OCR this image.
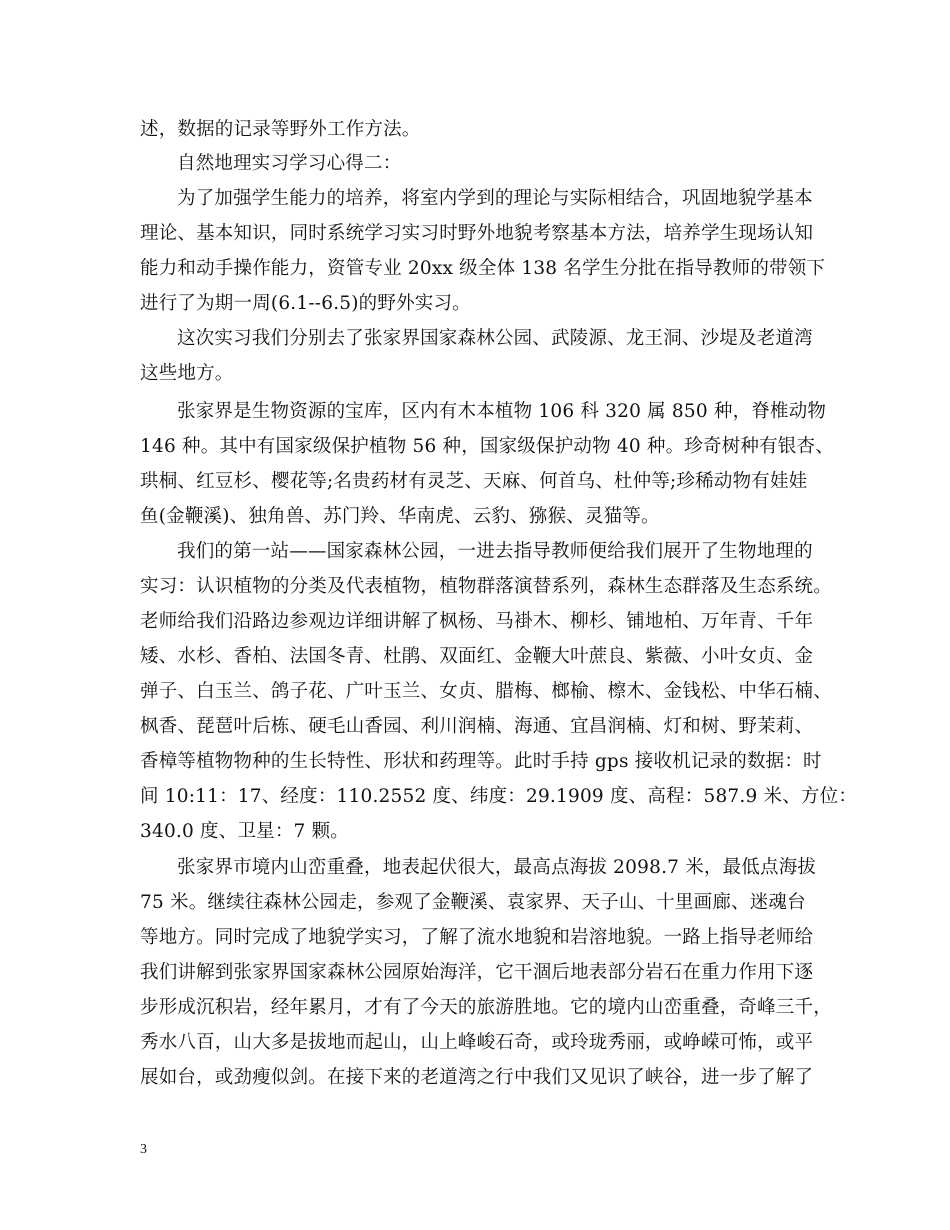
述，数据的记录等野外工作方法。
自然地理实习学习心得二：
为了加强学生能力的培养，将室内学到的理论与实际相结合，巩固地貌学基本
理论、基本知识，同时系统学习实习时野外地貌考察基本方法，培养学生现场认知
能力和动手操作能力，资管专业 20xx 级全体 138 名学生分批在指导教师的带领下
进行了为期一周(6.1--6.5)的野外实习。
这次实习我们分别去了张家界国家森林公园、武陵源、龙王洞、沙堤及老道湾
这些地方。
张家界是生物资源的宝库，区内有木本植物 106 科 320 属 850 种，脊椎动物
146 种。其中有国家级保护植物 56 种，国家级保护动物 40 种。珍奇树种有银杏、
珙桐、红豆杉、樱花等;名贵药材有灵芝、天麻、何首乌、杜仲等;珍稀动物有娃娃
鱼(金鞭溪)、独角兽、苏门羚、华南虎、云豹、猕猴、灵猫等。
我们的第一站——国家森林公园，一进去指导教师便给我们展开了生物地理的
实习：认识植物的分类及代表植物，植物群落演替系列，森林生态群落及生态系统。
老师给我们沿路边参观边详细讲解了枫杨、马褂木、柳杉、铺地柏、万年青、千年
矮、水杉、香柏、法国冬青、杜鹃、双面红、金鞭大叶蔗良、紫薇、小叶女贞、金
弹子、白玉兰、鸽子花、广叶玉兰、女贞、腊梅、榔榆、檫木、金钱松、中华石楠、
枫香、琵琶叶后栋、硬毛山香园、利川润楠、海通、宜昌润楠、灯和树、野茉莉、
香樟等植物物种的生长特性、形状和药理等。此时手持 gps 接收机记录的数据：时
间 10:11：17、经度：110.2552 度、纬度：29.1909 度、高程：587.9 米、方位：
340.0 度、卫星：7 颗。
张家界市境内山峦重叠，地表起伏很大，最高点海拔 2098.7 米，最低点海拔
75 米。继续往森林公园走，参观了金鞭溪、袁家界、天子山、十里画廊、迷魂台
等地方。同时完成了地貌学实习，了解了流水地貌和岩溶地貌。一路上指导老师给
我们讲解到张家界国家森林公园原始海洋，它干涸后地表部分岩石在重力作用下逐
步形成沉积岩，经年累月，才有了今天的旅游胜地。它的境内山峦重叠，奇峰三千，
秀水八百，山大多是拔地而起山，山上峰峻石奇，或玲珑秀丽，或峥嵘可怖，或平
展如台，或劲瘦似剑。在接下来的老道湾之行中我们又见识了峡谷，进一步了解了
3
